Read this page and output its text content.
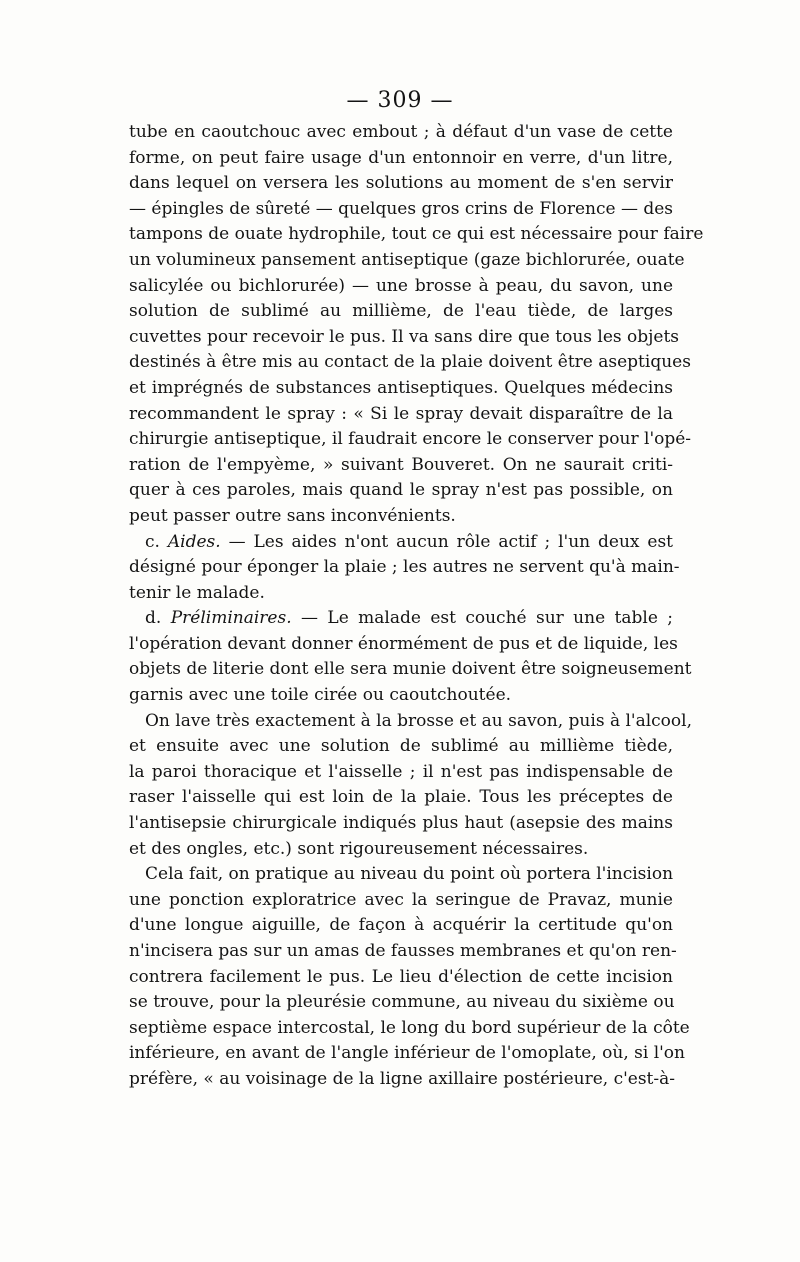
— 309 —
tube en caoutchouc avec embout ; à défaut d'un vase de cette
forme, on peut faire usage d'un entonnoir en verre, d'un litre,
dans lequel on versera les solutions au moment de s'en servir
— épingles de sûreté — quelques gros crins de Florence — des
tampons de ouate hydrophile, tout ce qui est nécessaire pour faire
un volumineux pansement antiseptique (gaze bichlorurée, ouate
salicylée ou bichlorurée) — une brosse à peau, du savon, une
solution de sublimé au millième, de l'eau tiède, de larges
cuvettes pour recevoir le pus. Il va sans dire que tous les objets
destinés à être mis au contact de la plaie doivent être aseptiques
et imprégnés de substances antiseptiques. Quelques médecins
recommandent le spray : « Si le spray devait disparaître de la
chirurgie antiseptique, il faudrait encore le conserver pour l'opé-
ration de l'empyème, » suivant Bouveret. On ne saurait criti-
quer à ces paroles, mais quand le spray n'est pas possible, on
peut passer outre sans inconvénients.
c. Aides. — Les aides n'ont aucun rôle actif ; l'un deux est
désigné pour éponger la plaie ; les autres ne servent qu'à main-
tenir le malade.
d. Préliminaires. — Le malade est couché sur une table ;
l'opération devant donner énormément de pus et de liquide, les
objets de literie dont elle sera munie doivent être soigneusement
garnis avec une toile cirée ou caoutchoutée.
On lave très exactement à la brosse et au savon, puis à l'alcool,
et ensuite avec une solution de sublimé au millième tiède,
la paroi thoracique et l'aisselle ; il n'est pas indispensable de
raser l'aisselle qui est loin de la plaie. Tous les préceptes de
l'antisepsie chirurgicale indiqués plus haut (asepsie des mains
et des ongles, etc.) sont rigoureusement nécessaires.
Cela fait, on pratique au niveau du point où portera l'incision
une ponction exploratrice avec la seringue de Pravaz, munie
d'une longue aiguille, de façon à acquérir la certitude qu'on
n'incisera pas sur un amas de fausses membranes et qu'on ren-
contrera facilement le pus. Le lieu d'élection de cette incision
se trouve, pour la pleurésie commune, au niveau du sixième ou
septième espace intercostal, le long du bord supérieur de la côte
inférieure, en avant de l'angle inférieur de l'omoplate, où, si l'on
préfère, « au voisinage de la ligne axillaire postérieure, c'est-à-
